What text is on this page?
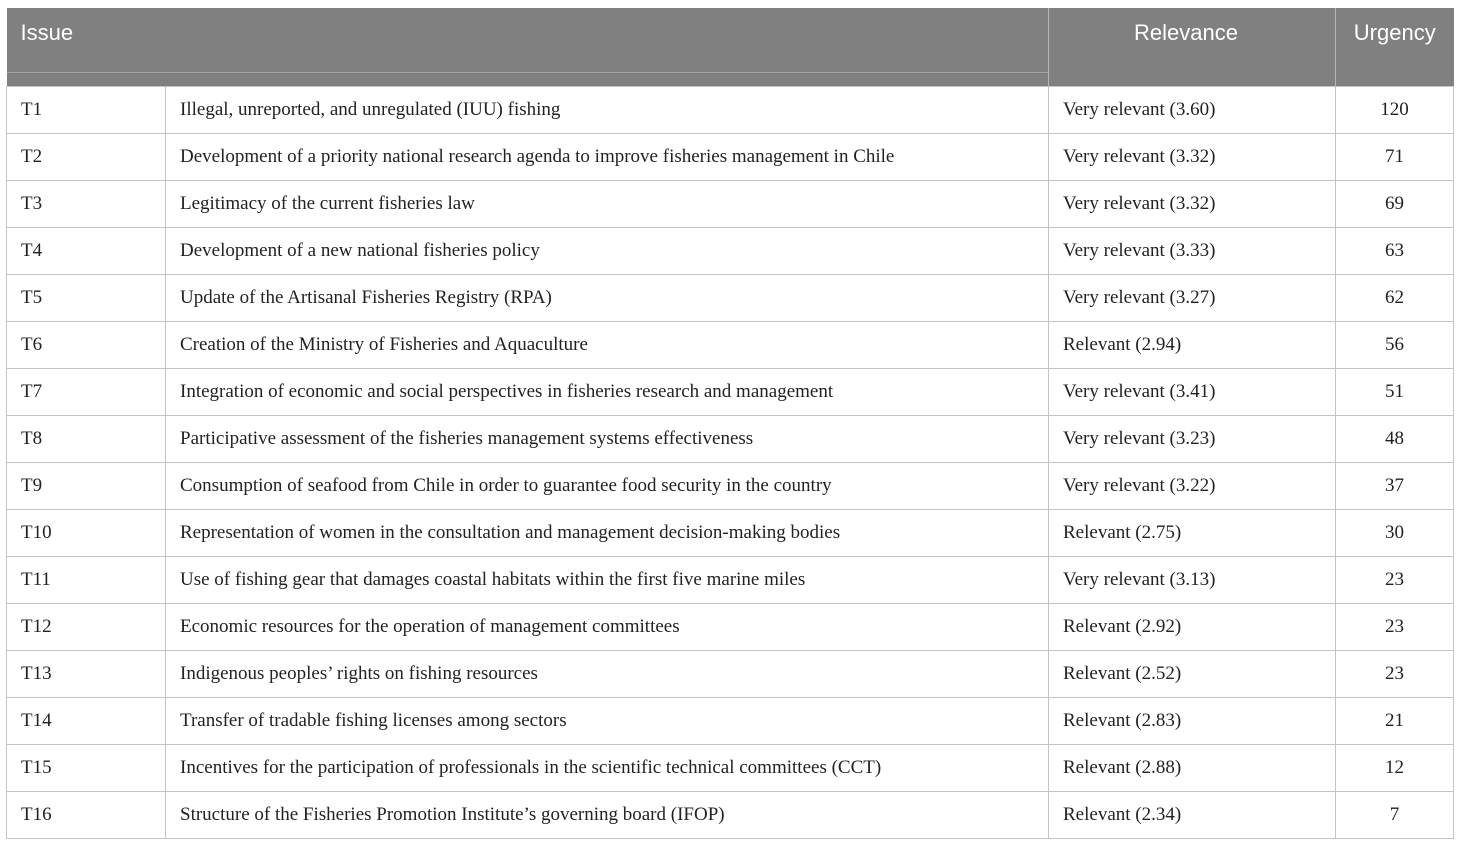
Issue		Relevance	Urgency

T1	Illegal, unreported, and unregulated (IUU) fishing	Very relevant (3.60)	120
T2	Development of a priority national research agenda to improve fisheries management in Chile	Very relevant (3.32)	71
T3	Legitimacy of the current fisheries law	Very relevant (3.32)	69
T4	Development of a new national fisheries policy	Very relevant (3.33)	63
T5	Update of the Artisanal Fisheries Registry (RPA)	Very relevant (3.27)	62
T6	Creation of the Ministry of Fisheries and Aquaculture	Relevant (2.94)	56
T7	Integration of economic and social perspectives in fisheries research and management	Very relevant (3.41)	51
T8	Participative assessment of the fisheries management systems effectiveness	Very relevant (3.23)	48
T9	Consumption of seafood from Chile in order to guarantee food security in the country	Very relevant (3.22)	37
T10	Representation of women in the consultation and management decision-making bodies	Relevant (2.75)	30
T11	Use of fishing gear that damages coastal habitats within the first five marine miles	Very relevant (3.13)	23
T12	Economic resources for the operation of management committees	Relevant (2.92)	23
T13	Indigenous peoples’ rights on fishing resources	Relevant (2.52)	23
T14	Transfer of tradable fishing licenses among sectors	Relevant (2.83)	21
T15	Incentives for the participation of professionals in the scientific technical committees (CCT)	Relevant (2.88)	12
T16	Structure of the Fisheries Promotion Institute’s governing board (IFOP)	Relevant (2.34)	7
